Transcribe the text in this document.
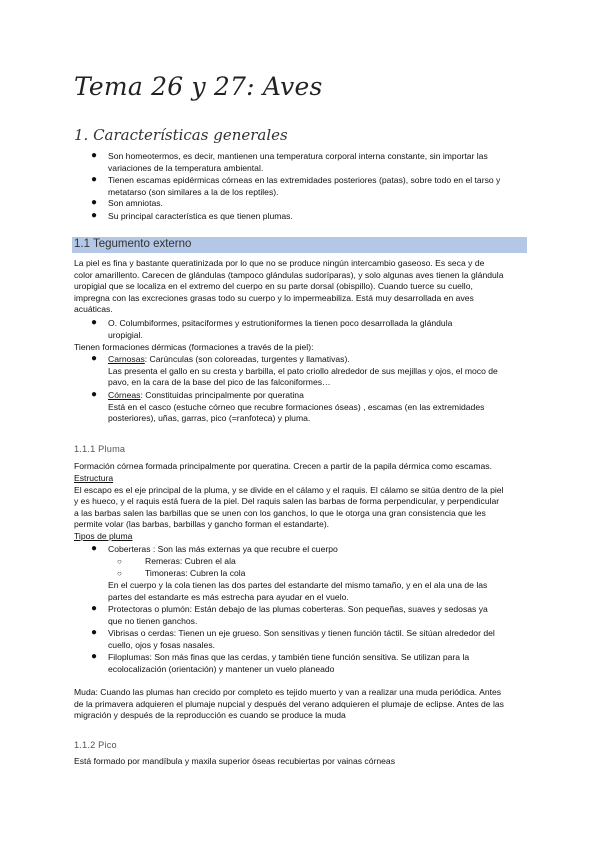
Tema 26 y 27: Aves
1. Características generales
● Son homeotermos, es decir, mantienen una temperatura corporal interna constante, sin importar las
variaciones de la temperatura ambiental.
● Tienen escamas epidérmicas córneas en las extremidades posteriores (patas), sobre todo en el tarso y
metatarso (son similares a la de los reptiles).
● Son amniotas.
● Su principal característica es que tienen plumas.
1.1 Tegumento externo
La piel es fina y bastante queratinizada por lo que no se produce ningún intercambio gaseoso. Es seca y de
color amarillento. Carecen de glándulas (tampoco glándulas sudoríparas), y solo algunas aves tienen la glándula
uropigial que se localiza en el extremo del cuerpo en su parte dorsal (obispillo). Cuando tuerce su cuello,
impregna con las excreciones grasas todo su cuerpo y lo impermeabiliza. Está muy desarrollada en aves
acuáticas.
● O. Columbiformes, psitaciformes y estrutioniformes la tienen poco desarrollada la glándula
uropigial.
Tienen formaciones dérmicas (formaciones a través de la piel):
● Carnosas: Carúnculas (son coloreadas, turgentes y llamativas).
Las presenta el gallo en su cresta y barbilla, el pato criollo alrededor de sus mejillas y ojos, el moco de
pavo, en la cara de la base del pico de las falconiformes…
● Córneas: Constituidas principalmente por queratina
Está en el casco (estuche córneo que recubre formaciones óseas) , escamas (en las extremidades
posteriores), uñas, garras, pico (=ranfoteca) y pluma.
1.1.1 Pluma
Formación córnea formada principalmente por queratina. Crecen a partir de la papila dérmica como escamas.
Estructura
El escapo es el eje principal de la pluma, y se divide en el cálamo y el raquis. El cálamo se sitúa dentro de la piel
y es hueco, y el raquis está fuera de la piel. Del raquis salen las barbas de forma perpendicular, y perpendicular
a las barbas salen las barbillas que se unen con los ganchos, lo que le otorga una gran consistencia que les
permite volar (las barbas, barbillas y gancho forman el estandarte).
Tipos de pluma
● Coberteras : Son las más externas ya que recubre el cuerpo
○	Remeras: Cubren el ala
○	Timoneras: Cubren la cola
En el cuerpo y la cola tienen las dos partes del estandarte del mismo tamaño, y en el ala una de las
partes del estandarte es más estrecha para ayudar en el vuelo.
● Protectoras o plumón: Están debajo de las plumas coberteras. Son pequeñas, suaves y sedosas ya
que no tienen ganchos.
● Vibrisas o cerdas: Tienen un eje grueso. Son sensitivas y tienen función táctil. Se sitúan alrededor del
cuello, ojos y fosas nasales.
● Filoplumas: Son más finas que las cerdas, y también tiene función sensitiva. Se utilizan para la
ecolocalización (orientación) y mantener un vuelo planeado
Muda: Cuando las plumas han crecido por completo es tejido muerto y van a realizar una muda periódica. Antes
de la primavera adquieren el plumaje nupcial y después del verano adquieren el plumaje de eclipse. Antes de las
migración y después de la reproducción es cuando se produce la muda
1.1.2 Pico
Está formado por mandíbula y maxila superior óseas recubiertas por vainas córneas
